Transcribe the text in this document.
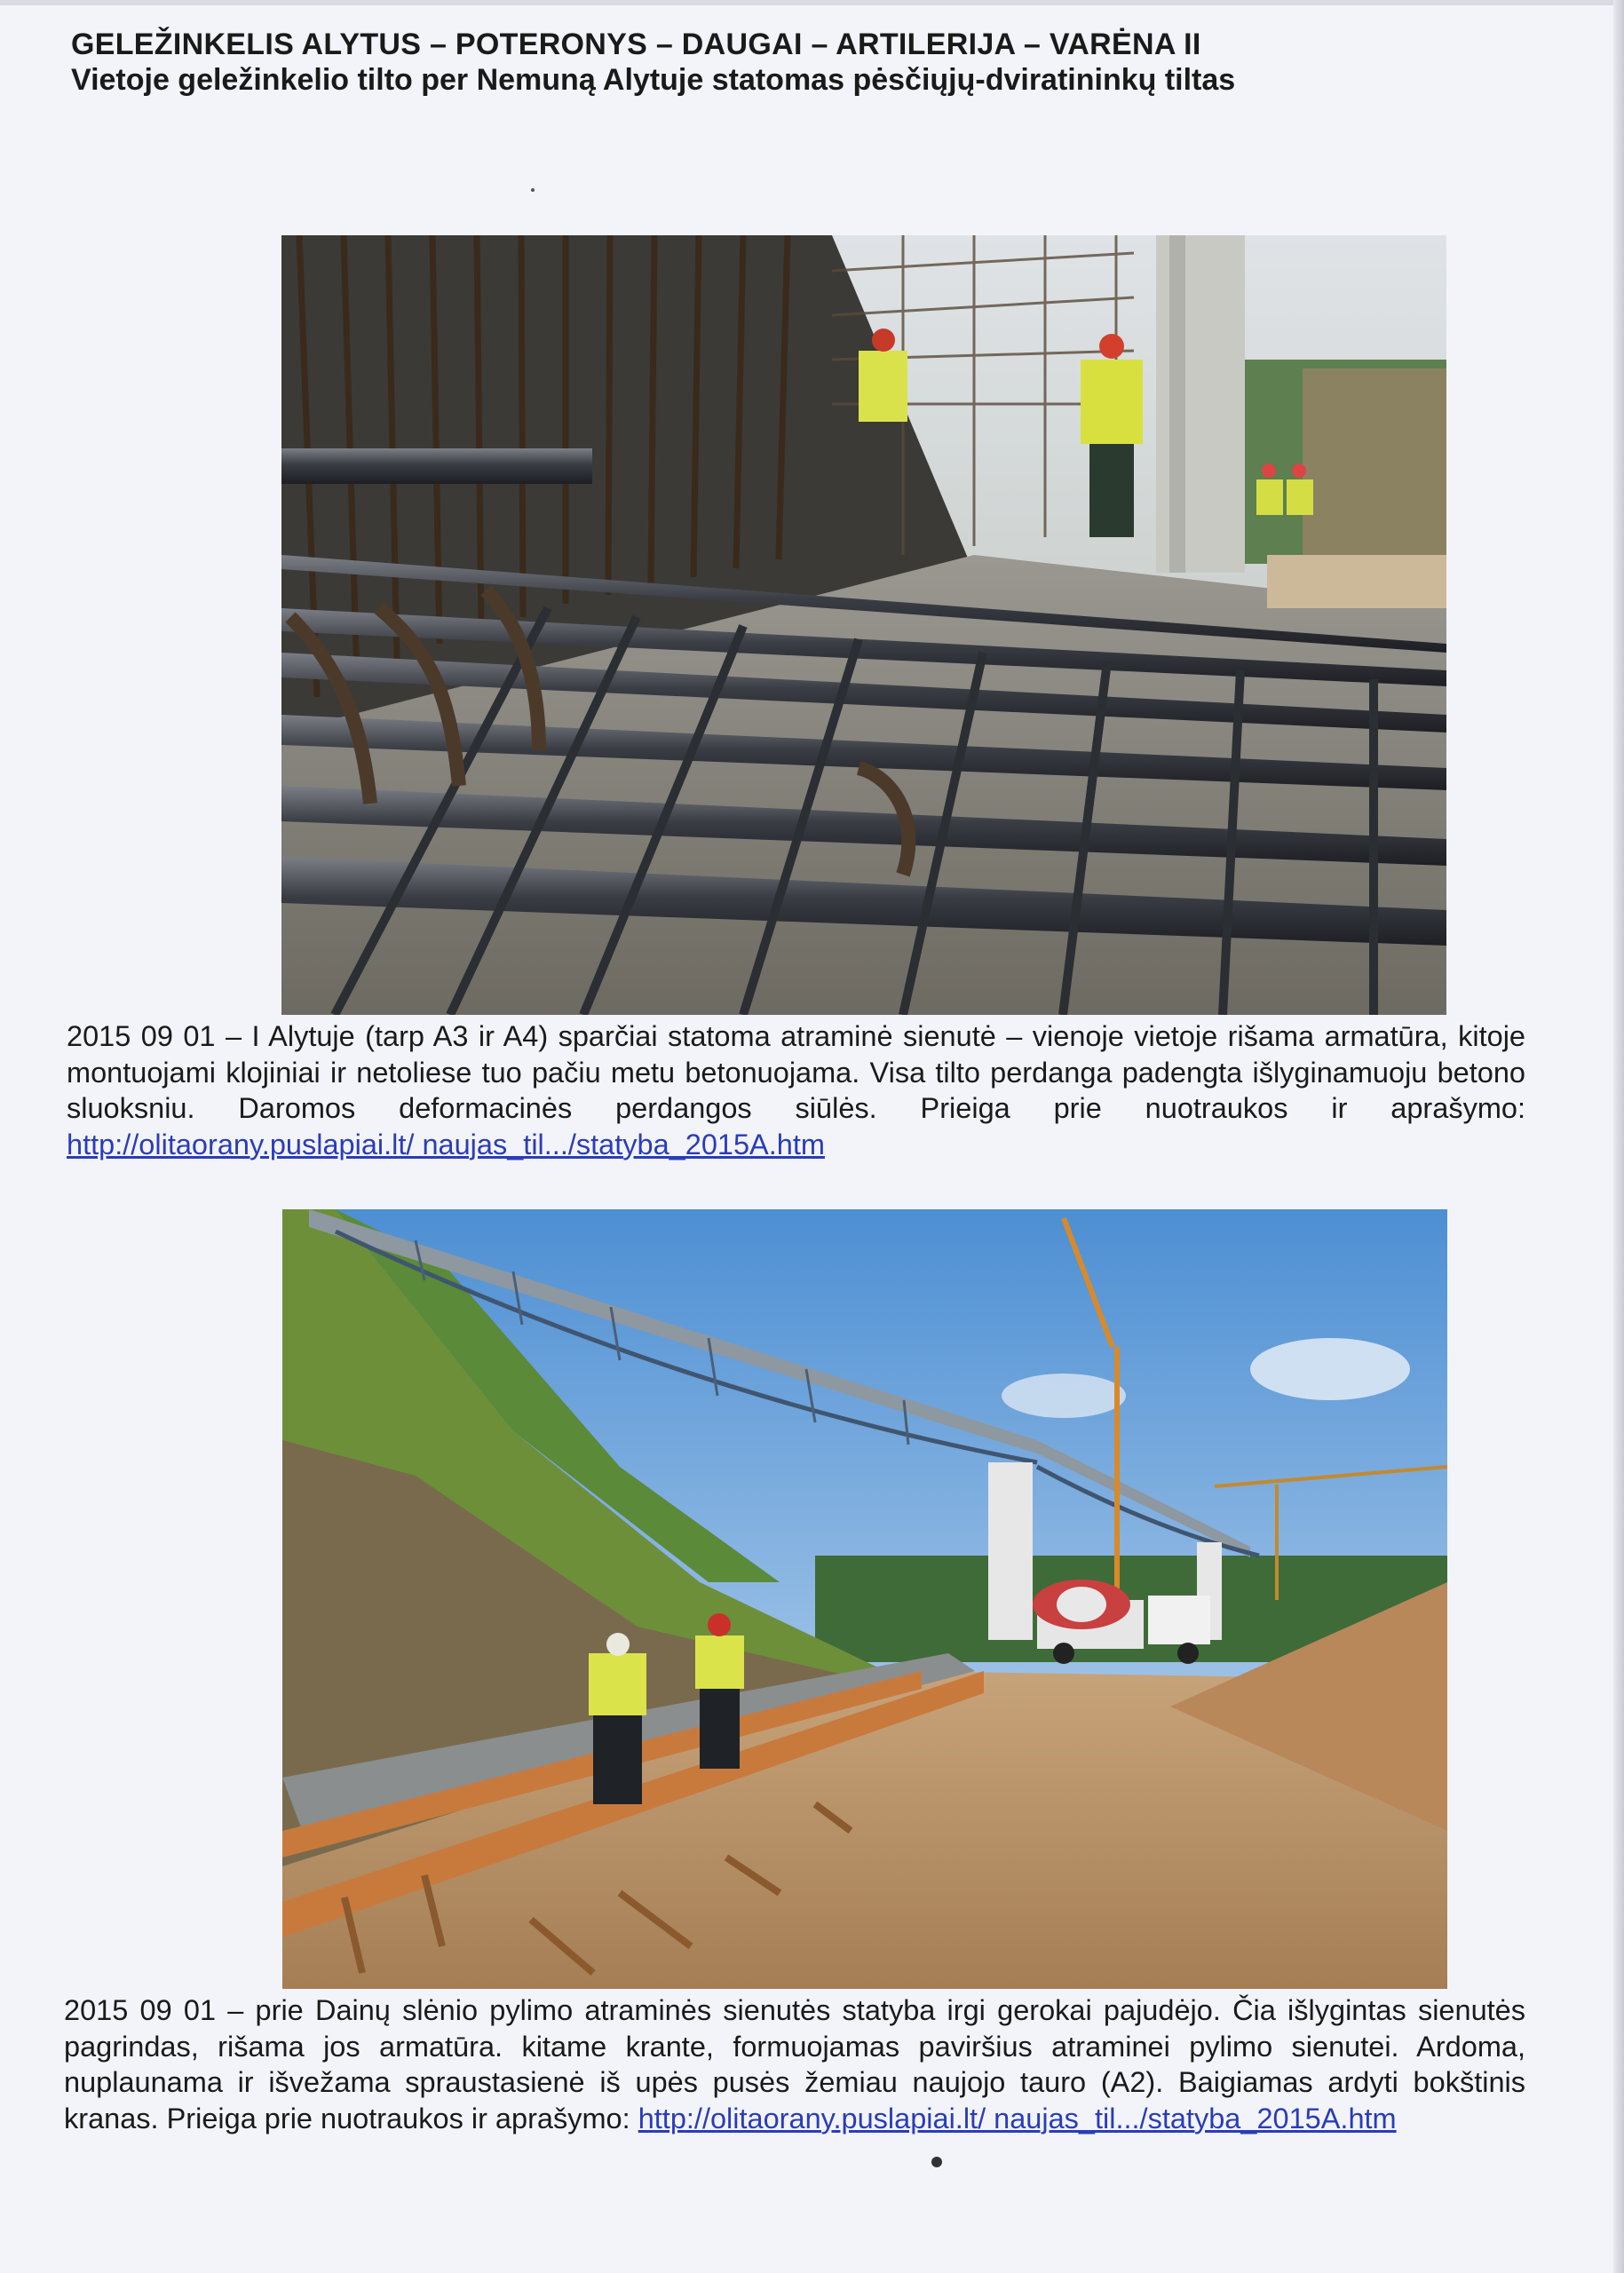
GELEŽINKELIS ALYTUS – POTERONYS – DAUGAI – ARTILERIJA – VARĖNA II
Vietoje geležinkelio tilto per Nemuną Alytuje statomas pėsčiųjų-dviratininkų tiltas
2015 09 01 – I Alytuje (tarp A3 ir A4) sparčiai statoma atraminė sienutė – vienoje vietoje rišama armatūra, kitoje montuojami klojiniai ir netoliese tuo pačiu metu betonuojama. Visa tilto perdanga padengta išlyginamuoju betono sluoksniu. Daromos deformacinės perdangos siūlės. Prieiga prie nuotraukos ir aprašymo: http://olitaorany.puslapiai.lt/ naujas_til.../statyba_2015A.htm
2015 09 01 – prie Dainų slėnio pylimo atraminės sienutės statyba irgi gerokai pajudėjo. Čia išlygintas sienutės pagrindas, rišama jos armatūra. kitame krante, formuojamas paviršius atraminei pylimo sienutei. Ardoma, nuplaunama ir išvežama spraustasienė iš upės pusės žemiau naujojo tauro (A2). Baigiamas ardyti bokštinis kranas. Prieiga prie nuotraukos ir aprašymo: http://olitaorany.puslapiai.lt/ naujas_til.../statyba_2015A.htm
